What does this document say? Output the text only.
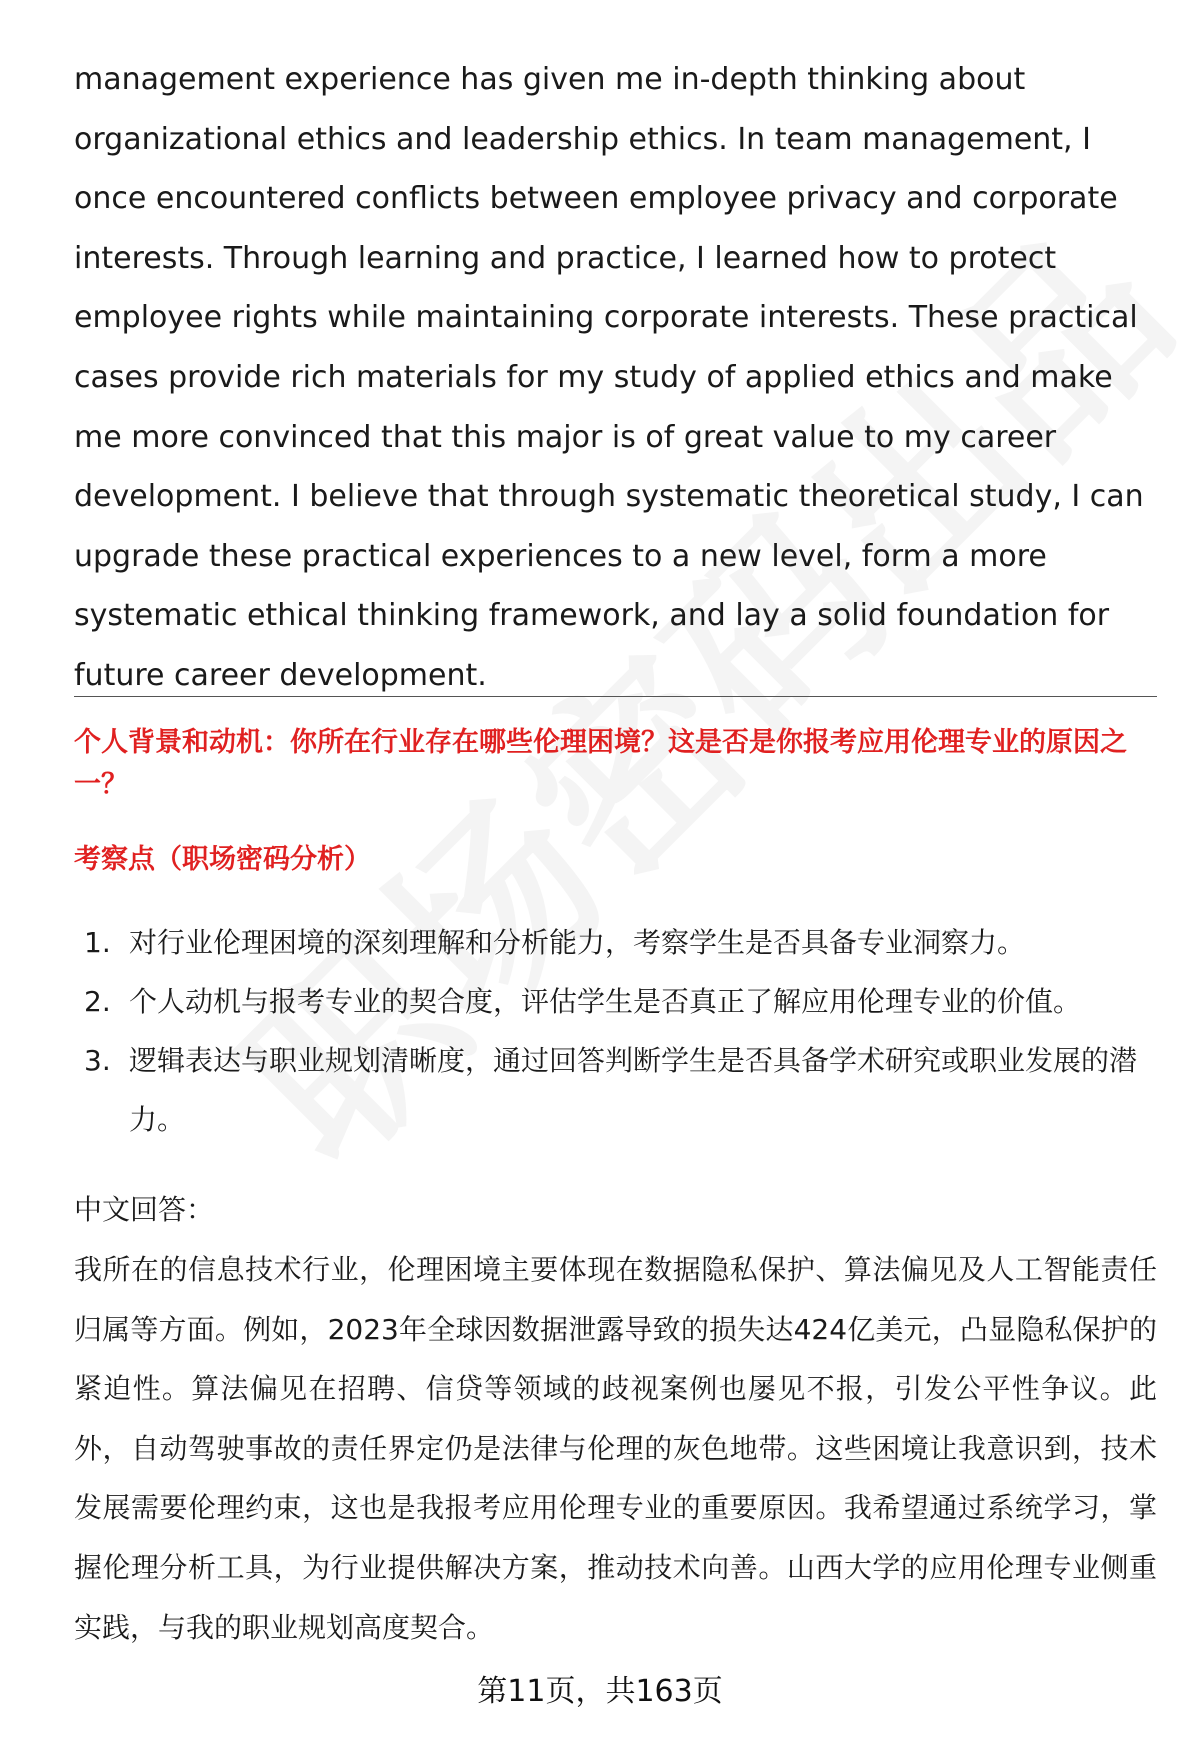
management experience has given me in-depth thinking about organizational ethics and leadership ethics. In team management, I once encountered conflicts between employee privacy and corporate interests. Through learning and practice, I learned how to protect employee rights while maintaining corporate interests. These practical cases provide rich materials for my study of applied ethics and make me more convinced that this major is of great value to my career development. I believe that through systematic theoretical study, I can upgrade these practical experiences to a new level, form a more systematic ethical thinking framework, and lay a solid foundation for future career development.

个人背景和动机：你所在行业存在哪些伦理困境？这是否是你报考应用伦理专业的原因之一？

考察点（职场密码分析）

1. 对行业伦理困境的深刻理解和分析能力，考察学生是否具备专业洞察力。
2. 个人动机与报考专业的契合度，评估学生是否真正了解应用伦理专业的价值。
3. 逻辑表达与职业规划清晰度，通过回答判断学生是否具备学术研究或职业发展的潜力。

中文回答：

我所在的信息技术行业，伦理困境主要体现在数据隐私保护、算法偏见及人工智能责任归属等方面。例如，2023年全球因数据泄露导致的损失达424亿美元，凸显隐私保护的紧迫性。算法偏见在招聘、信贷等领域的歧视案例也屡见不报，引发公平性争议。此外，自动驾驶事故的责任界定仍是法律与伦理的灰色地带。这些困境让我意识到，技术发展需要伦理约束，这也是我报考应用伦理专业的重要原因。我希望通过系统学习，掌握伦理分析工具，为行业提供解决方案，推动技术向善。山西大学的应用伦理专业侧重实践，与我的职业规划高度契合。

第11页，共163页
